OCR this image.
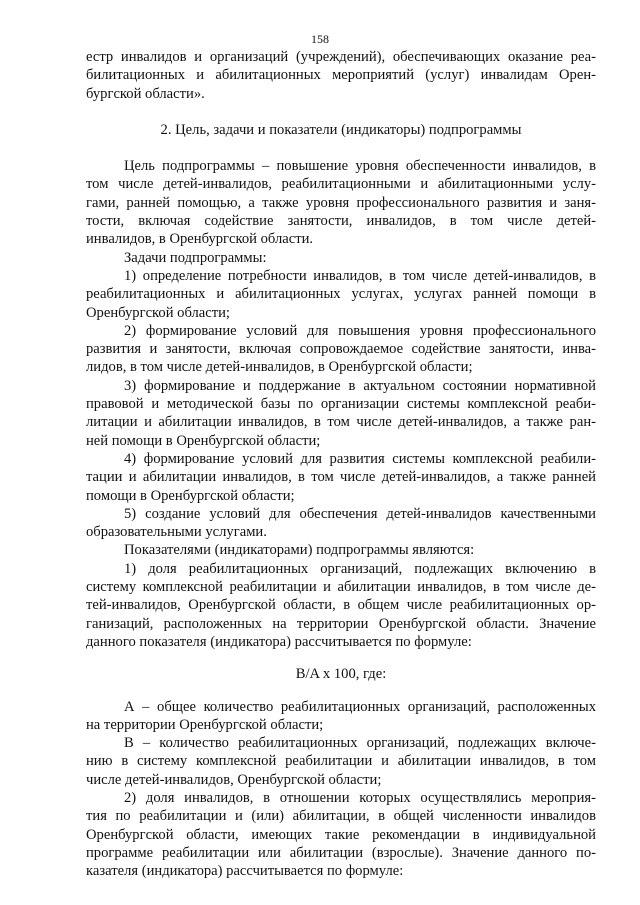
158
естр инвалидов и организаций (учреждений), обеспечивающих оказание реа-
билитационных и абилитационных мероприятий (услуг) инвалидам Орен-
бургской области».
2. Цель, задачи и показатели (индикаторы) подпрограммы
Цель подпрограммы – повышение уровня обеспеченности инвалидов, в
том числе детей-инвалидов, реабилитационными и абилитационными услу-
гами, ранней помощью, а также уровня профессионального развития и заня-
тости, включая содействие занятости, инвалидов, в том числе детей-
инвалидов, в Оренбургской области.
Задачи подпрограммы:
1) определение потребности инвалидов, в том числе детей-инвалидов, в
реабилитационных и абилитационных услугах, услугах ранней помощи в
Оренбургской области;
2) формирование условий для повышения уровня профессионального
развития и занятости, включая сопровождаемое содействие занятости, инва-
лидов, в том числе детей-инвалидов, в Оренбургской области;
3) формирование и поддержание в актуальном состоянии нормативной
правовой и методической базы по организации системы комплексной реаби-
литации и абилитации инвалидов, в том числе детей-инвалидов, а также ран-
ней помощи в Оренбургской области;
4) формирование условий для развития системы комплексной реабили-
тации и абилитации инвалидов, в том числе детей-инвалидов, а также ранней
помощи в Оренбургской области;
5) создание условий для обеспечения детей-инвалидов качественными
образовательными услугами.
Показателями (индикаторами) подпрограммы являются:
1) доля реабилитационных организаций, подлежащих включению в
систему комплексной реабилитации и абилитации инвалидов, в том числе де-
тей-инвалидов, Оренбургской области, в общем числе реабилитационных ор-
ганизаций, расположенных на территории Оренбургской области. Значение
данного показателя (индикатора) рассчитывается по формуле:
B/A x 100, где:
А – общее количество реабилитационных организаций, расположенных
на территории Оренбургской области;
В – количество реабилитационных организаций, подлежащих включе-
нию в систему комплексной реабилитации и абилитации инвалидов, в том
числе детей-инвалидов, Оренбургской области;
2) доля инвалидов, в отношении которых осуществлялись мероприя-
тия по реабилитации и (или) абилитации, в общей численности инвалидов
Оренбургской области, имеющих такие рекомендации в индивидуальной
программе реабилитации или абилитации (взрослые). Значение данного по-
казателя (индикатора) рассчитывается по формуле:
